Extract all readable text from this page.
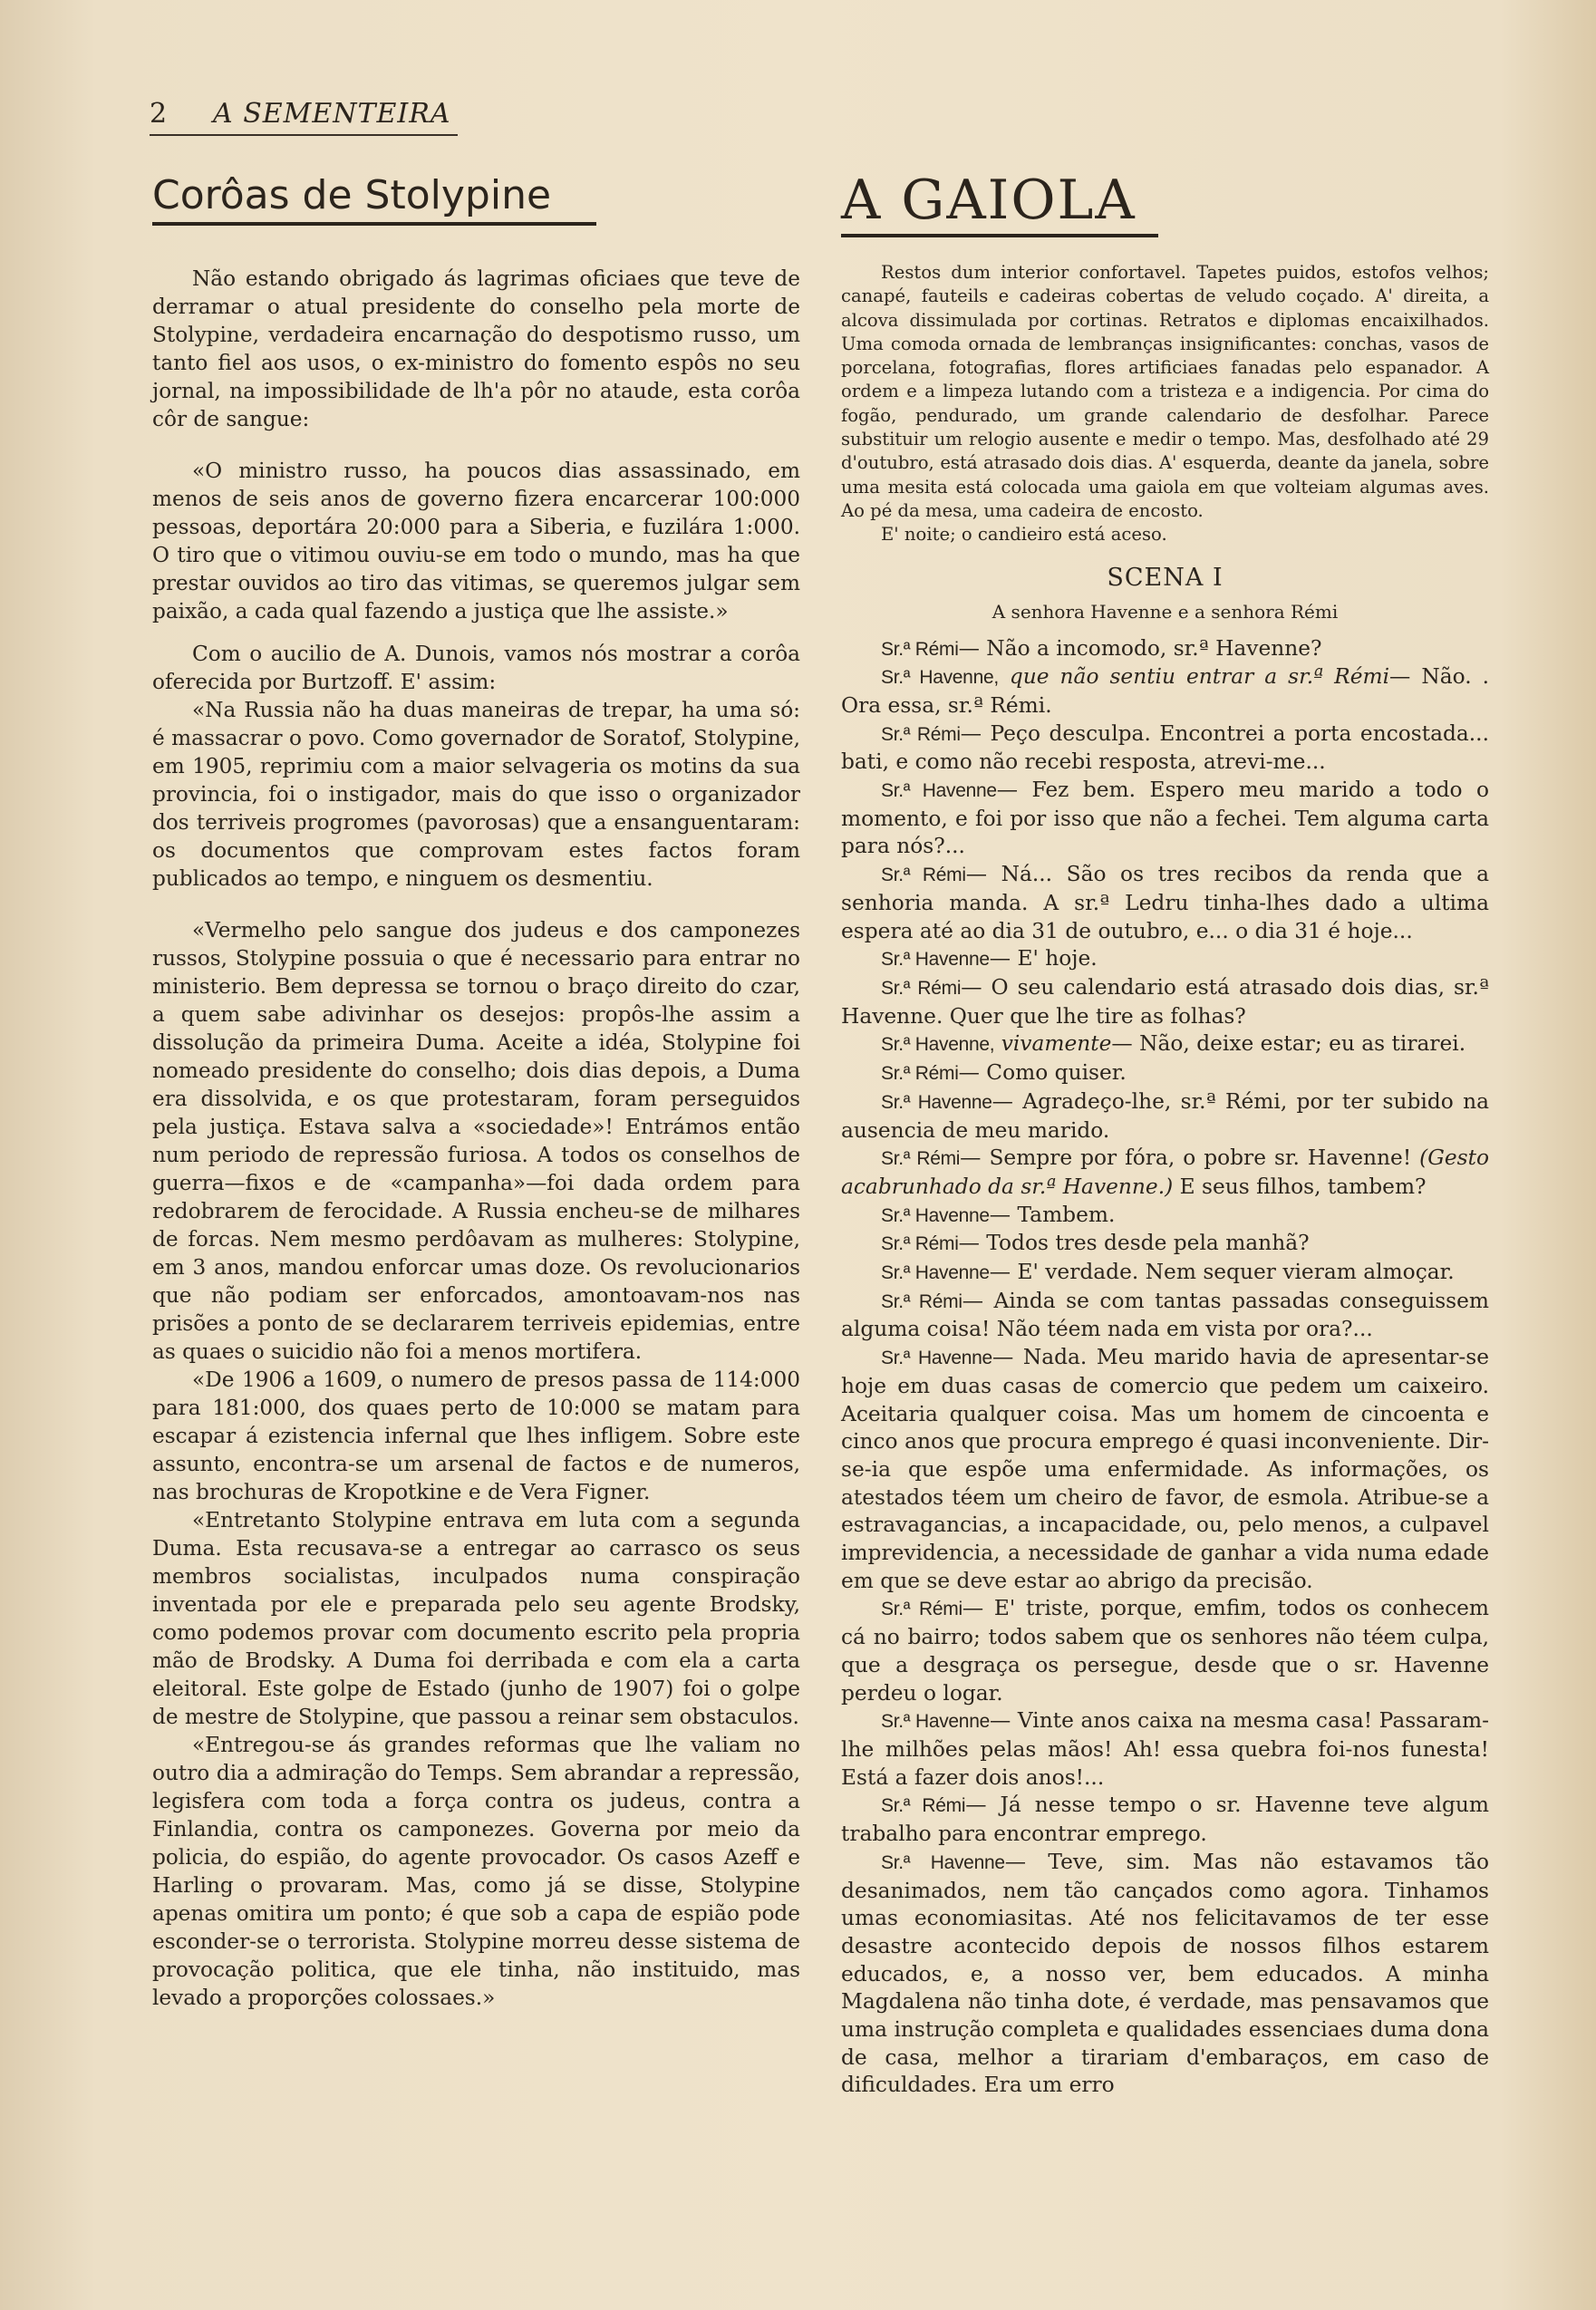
2 A SEMENTEIRA
Corôas de Stolypine	A GAIOLA

Não estando obrigado ás lagrimas oficiaes que teve de derramar o atual presidente do conselho pela morte de Stolypine, verdadeira encarnação do despotismo russo, um tanto fiel aos usos, o ex-ministro do fomento espôs no seu jornal, na impossibilidade de lh'a pôr no ataude, esta corôa côr de sangue:

«O ministro russo, ha poucos dias assassinado, em menos de seis anos de governo fizera encarcerar 100:000 pessoas, deportára 20:000 para a Siberia, e fuzilára 1:000. O tiro que o vitimou ouviu-se em todo o mundo, mas ha que prestar ouvidos ao tiro das vitimas, se queremos julgar sem paixão, a cada qual fazendo a justiça que lhe assiste.»

Com o aucilio de A. Dunois, vamos nós mostrar a corôa oferecida por Burtzoff. E' assim:

«Na Russia não ha duas maneiras de trepar, ha uma só: é massacrar o povo. Como governador de Soratof, Stolypine, em 1905, reprimiu com a maior selvageria os motins da sua provincia, foi o instigador, mais do que isso o organizador dos terriveis progromes (pavorosas) que a ensanguentaram: os documentos que comprovam estes factos foram publicados ao tempo, e ninguem os desmentiu.

«Vermelho pelo sangue dos judeus e dos camponezes russos, Stolypine possuia o que é necessario para entrar no ministerio. Bem depressa se tornou o braço direito do czar, a quem sabe adivinhar os desejos: propôs-lhe assim a dissolução da primeira Duma. Aceite a idéa, Stolypine foi nomeado presidente do conselho; dois dias depois, a Duma era dissolvida, e os que protestaram, foram perseguidos pela justiça. Estava salva a «sociedade»! Entrámos então num periodo de repressão furiosa. A todos os conselhos de guerra—fixos e de «campanha»—foi dada ordem para redobrarem de ferocidade. A Russia encheu-se de milhares de forcas. Nem mesmo perdôavam as mulheres: Stolypine, em 3 anos, mandou enforcar umas doze. Os revolucionarios que não podiam ser enforcados, amontoavam-nos nas prisões a ponto de se declararem terriveis epidemias, entre as quaes o suicidio não foi a menos mortifera.

«De 1906 a 1609, o numero de presos passa de 114:000 para 181:000, dos quaes perto de 10:000 se matam para escapar á ezistencia infernal que lhes infligem. Sobre este assunto, encontra-se um arsenal de factos e de numeros, nas brochuras de Kropotkine e de Vera Figner.

«Entretanto Stolypine entrava em luta com a segunda Duma. Esta recusava-se a entregar ao carrasco os seus membros socialistas, inculpados numa conspiração inventada por ele e preparada pelo seu agente Brodsky, como podemos provar com documento escrito pela propria mão de Brodsky. A Duma foi derribada e com ela a carta eleitoral. Este golpe de Estado (junho de 1907) foi o golpe de mestre de Stolypine, que passou a reinar sem obstaculos.

«Entregou-se ás grandes reformas que lhe valiam no outro dia a admiração do Temps. Sem abrandar a repressão, legisfera com toda a força contra os judeus, contra a Finlandia, contra os camponezes. Governa por meio da policia, do espião, do agente provocador. Os casos Azeff e Harling o provaram. Mas, como já se disse, Stolypine apenas omitira um ponto; é que sob a capa de espião pode esconder-se o terrorista. Stolypine morreu desse sistema de provocação politica, que ele tinha, não instituido, mas levado a proporções colossaes.»

Restos dum interior confortavel. Tapetes puidos, estofos velhos; canapé, fauteils e cadeiras cobertas de veludo coçado. A' direita, a alcova dissimulada por cortinas. Retratos e diplomas encaixilhados. Uma comoda ornada de lembranças insignificantes: conchas, vasos de porcelana, fotografias, flores artificiaes fanadas pelo espanador. A ordem e a limpeza lutando com a tristeza e a indigencia. Por cima do fogão, pendurado, um grande calendario de desfolhar. Parece substituir um relogio ausente e medir o tempo. Mas, desfolhado até 29 d'outubro, está atrasado dois dias. A' esquerda, deante da janela, sobre uma mesita está colocada uma gaiola em que volteiam algumas aves. Ao pé da mesa, uma cadeira de encosto.

E' noite; o candieiro está aceso.

SCENA I
A senhora Havenne e a senhora Rémi

Sr.ª Rémi— Não a incomodo, sr.ª Havenne?

Sr.ª Havenne, que não sentiu entrar a sr.ª Rémi— Não. . Ora essa, sr.ª Rémi.

Sr.ª Rémi— Peço desculpa. Encontrei a porta encostada... bati, e como não recebi resposta, atrevi-me...

Sr.ª Havenne— Fez bem. Espero meu marido a todo o momento, e foi por isso que não a fechei. Tem alguma carta para nós?...

Sr.ª Rémi— Ná... São os tres recibos da renda que a senhoria manda. A sr.ª Ledru tinha-lhes dado a ultima espera até ao dia 31 de outubro, e... o dia 31 é hoje...

Sr.ª Havenne— E' hoje.

Sr.ª Rémi— O seu calendario está atrasado dois dias, sr.ª Havenne. Quer que lhe tire as folhas?

Sr.ª Havenne, vivamente— Não, deixe estar; eu as tirarei.

Sr.ª Rémi— Como quiser.

Sr.ª Havenne— Agradeço-lhe, sr.ª Rémi, por ter subido na ausencia de meu marido.

Sr.ª Rémi— Sempre por fóra, o pobre sr. Havenne! (Gesto acabrunhado da sr.ª Havenne.) E seus filhos, tambem?

Sr.ª Havenne— Tambem.

Sr.ª Rémi— Todos tres desde pela manhã?

Sr.ª Havenne— E' verdade. Nem sequer vieram almoçar.

Sr.ª Rémi— Ainda se com tantas passadas conseguissem alguma coisa! Não téem nada em vista por ora?...

Sr.ª Havenne— Nada. Meu marido havia de apresentar-se hoje em duas casas de comercio que pedem um caixeiro. Aceitaria qualquer coisa. Mas um homem de cincoenta e cinco anos que procura emprego é quasi inconveniente. Dir-se-ia que espõe uma enfermidade. As informações, os atestados téem um cheiro de favor, de esmola. Atribue-se a estravagancias, a incapacidade, ou, pelo menos, a culpavel imprevidencia, a necessidade de ganhar a vida numa edade em que se deve estar ao abrigo da precisão.

Sr.ª Rémi— E' triste, porque, emfim, todos os conhecem cá no bairro; todos sabem que os senhores não téem culpa, que a desgraça os persegue, desde que o sr. Havenne perdeu o logar.

Sr.ª Havenne— Vinte anos caixa na mesma casa! Passaram-lhe milhões pelas mãos! Ah! essa quebra foi-nos funesta! Está a fazer dois anos!...

Sr.ª Rémi— Já nesse tempo o sr. Havenne teve algum trabalho para encontrar emprego.

Sr.ª Havenne— Teve, sim. Mas não estavamos tão desanimados, nem tão cançados como agora. Tinhamos umas economiasitas. Até nos felicitavamos de ter esse desastre acontecido depois de nossos filhos estarem educados, e, a nosso ver, bem educados. A minha Magdalena não tinha dote, é verdade, mas pensavamos que uma instrução completa e qualidades essenciaes duma dona de casa, melhor a tirariam d'embaraços, em caso de dificuldades. Era um erro
